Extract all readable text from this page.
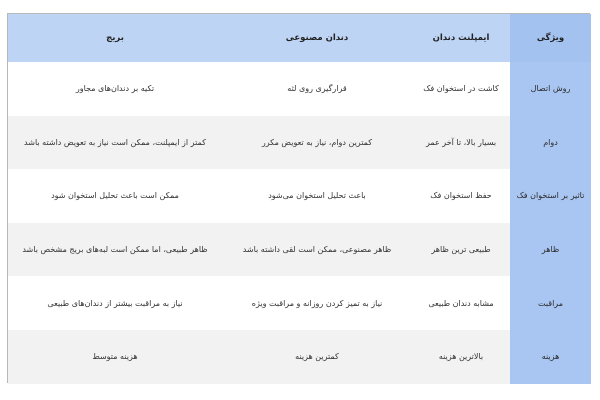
ویژگی	ایمپلنت دندان	دندان مصنوعی	بریج
روش اتصال	کاشت در استخوان فک	قرارگیری روی لثه	تکیه بر دندان‌های مجاور
دوام	بسیار بالا، تا آخر عمر	کمترین دوام، نیاز به تعویض مکرر	کمتر از ایمپلنت، ممکن است نیاز به تعویض داشته باشد
تاثیر بر استخوان فک	حفظ استخوان فک	باعث تحلیل استخوان می‌شود	ممکن است باعث تحلیل استخوان شود
ظاهر	طبیعی ترین ظاهر	ظاهر مصنوعی، ممکن است لقی داشته باشد	ظاهر طبیعی، اما ممکن است لبه‌های بریج مشخص باشد
مراقبت	مشابه دندان طبیعی	نیاز به تمیز کردن روزانه و مراقبت ویژه	نیاز به مراقبت بیشتر از دندان‌های طبیعی
هزینه	بالاترین هزینه	کمترین هزینه	هزینه متوسط
